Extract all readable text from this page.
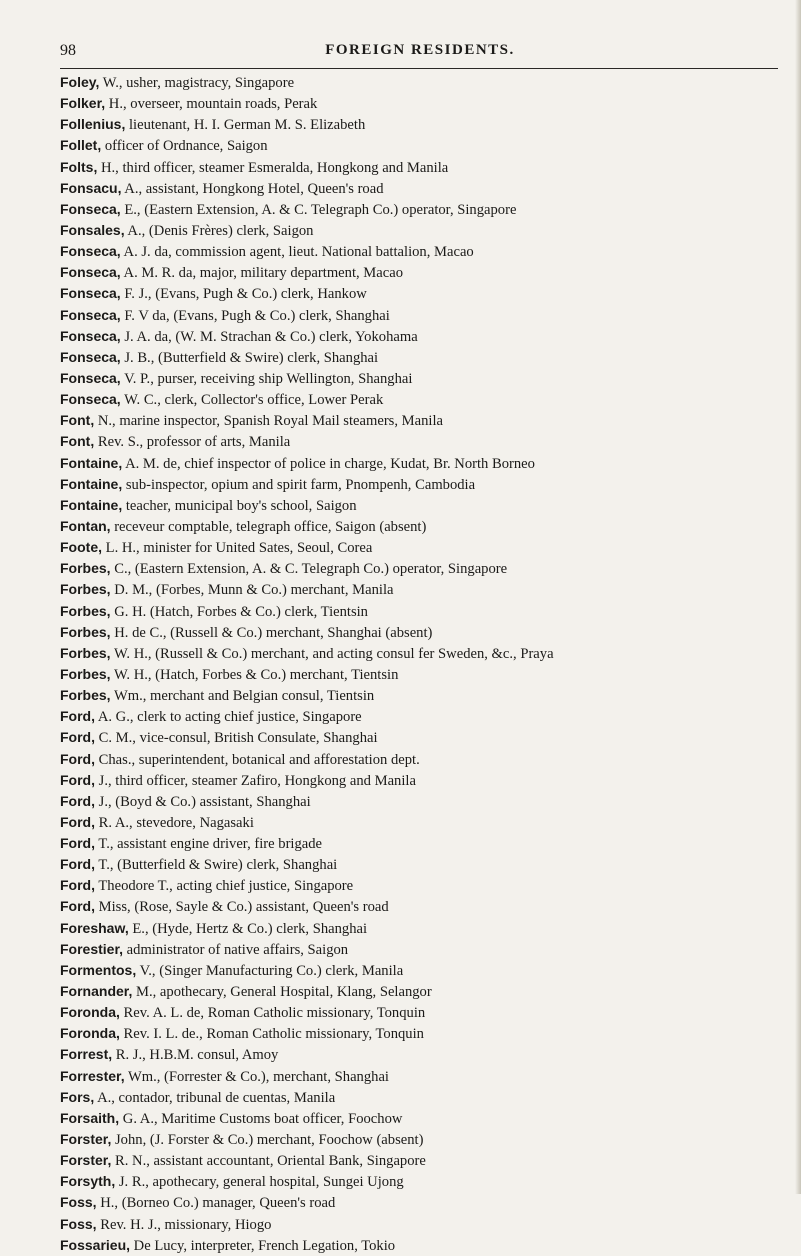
98	FOREIGN RESIDENTS.
Foley, W., usher, magistracy, Singapore
Folker, H., overseer, mountain roads, Perak
Follenius, lieutenant, H. I. German M. S. Elizabeth
Follet, officer of Ordnance, Saigon
Folts, H., third officer, steamer Esmeralda, Hongkong and Manila
Fonsacu, A., assistant, Hongkong Hotel, Queen's road
Fonseca, E., (Eastern Extension, A. & C. Telegraph Co.) operator, Singapore
Fonsales, A., (Denis Frères) clerk, Saigon
Fonseca, A. J. da, commission agent, lieut. National battalion, Macao
Fonseca, A. M. R. da, major, military department, Macao
Fonseca, F. J., (Evans, Pugh & Co.) clerk, Hankow
Fonseca, F. V da, (Evans, Pugh & Co.) clerk, Shanghai
Fonseca, J. A. da, (W. M. Strachan & Co.) clerk, Yokohama
Fonseca, J. B., (Butterfield & Swire) clerk, Shanghai
Fonseca, V. P., purser, receiving ship Wellington, Shanghai
Fonseca, W. C., clerk, Collector's office, Lower Perak
Font, N., marine inspector, Spanish Royal Mail steamers, Manila
Font, Rev. S., professor of arts, Manila
Fontaine, A. M. de, chief inspector of police in charge, Kudat, Br. North Borneo
Fontaine, sub-inspector, opium and spirit farm, Pnompenh, Cambodia
Fontaine, teacher, municipal boy's school, Saigon
Fontan, receveur comptable, telegraph office, Saigon (absent)
Foote, L. H., minister for United Sates, Seoul, Corea
Forbes, C., (Eastern Extension, A. & C. Telegraph Co.) operator, Singapore
Forbes, D. M., (Forbes, Munn & Co.) merchant, Manila
Forbes, G. H. (Hatch, Forbes & Co.) clerk, Tientsin
Forbes, H. de C., (Russell & Co.) merchant, Shanghai (absent)
Forbes, W. H., (Russell & Co.) merchant, and acting consul fer Sweden, &c., Praya
Forbes, W. H., (Hatch, Forbes & Co.) merchant, Tientsin
Forbes, Wm., merchant and Belgian consul, Tientsin
Ford, A. G., clerk to acting chief justice, Singapore
Ford, C. M., vice-consul, British Consulate, Shanghai
Ford, Chas., superintendent, botanical and afforestation dept.
Ford, J., third officer, steamer Zafiro, Hongkong and Manila
Ford, J., (Boyd & Co.) assistant, Shanghai
Ford, R. A., stevedore, Nagasaki
Ford, T., assistant engine driver, fire brigade
Ford, T., (Butterfield & Swire) clerk, Shanghai
Ford, Theodore T., acting chief justice, Singapore
Ford, Miss, (Rose, Sayle & Co.) assistant, Queen's road
Foreshaw, E., (Hyde, Hertz & Co.) clerk, Shanghai
Forestier, administrator of native affairs, Saigon
Formentos, V., (Singer Manufacturing Co.) clerk, Manila
Fornander, M., apothecary, General Hospital, Klang, Selangor
Foronda, Rev. A. L. de, Roman Catholic missionary, Tonquin
Foronda, Rev. I. L. de., Roman Catholic missionary, Tonquin
Forrest, R. J., H.B.M. consul, Amoy
Forrester, Wm., (Forrester & Co.), merchant, Shanghai
Fors, A., contador, tribunal de cuentas, Manila
Forsaith, G. A., Maritime Customs boat officer, Foochow
Forster, John, (J. Forster & Co.) merchant, Foochow (absent)
Forster, R. N., assistant accountant, Oriental Bank, Singapore
Forsyth, J. R., apothecary, general hospital, Sungei Ujong
Foss, H., (Borneo Co.) manager, Queen's road
Foss, Rev. H. J., missionary, Hiogo
Fossarieu, De Lucy, interpreter, French Legation, Tokio
